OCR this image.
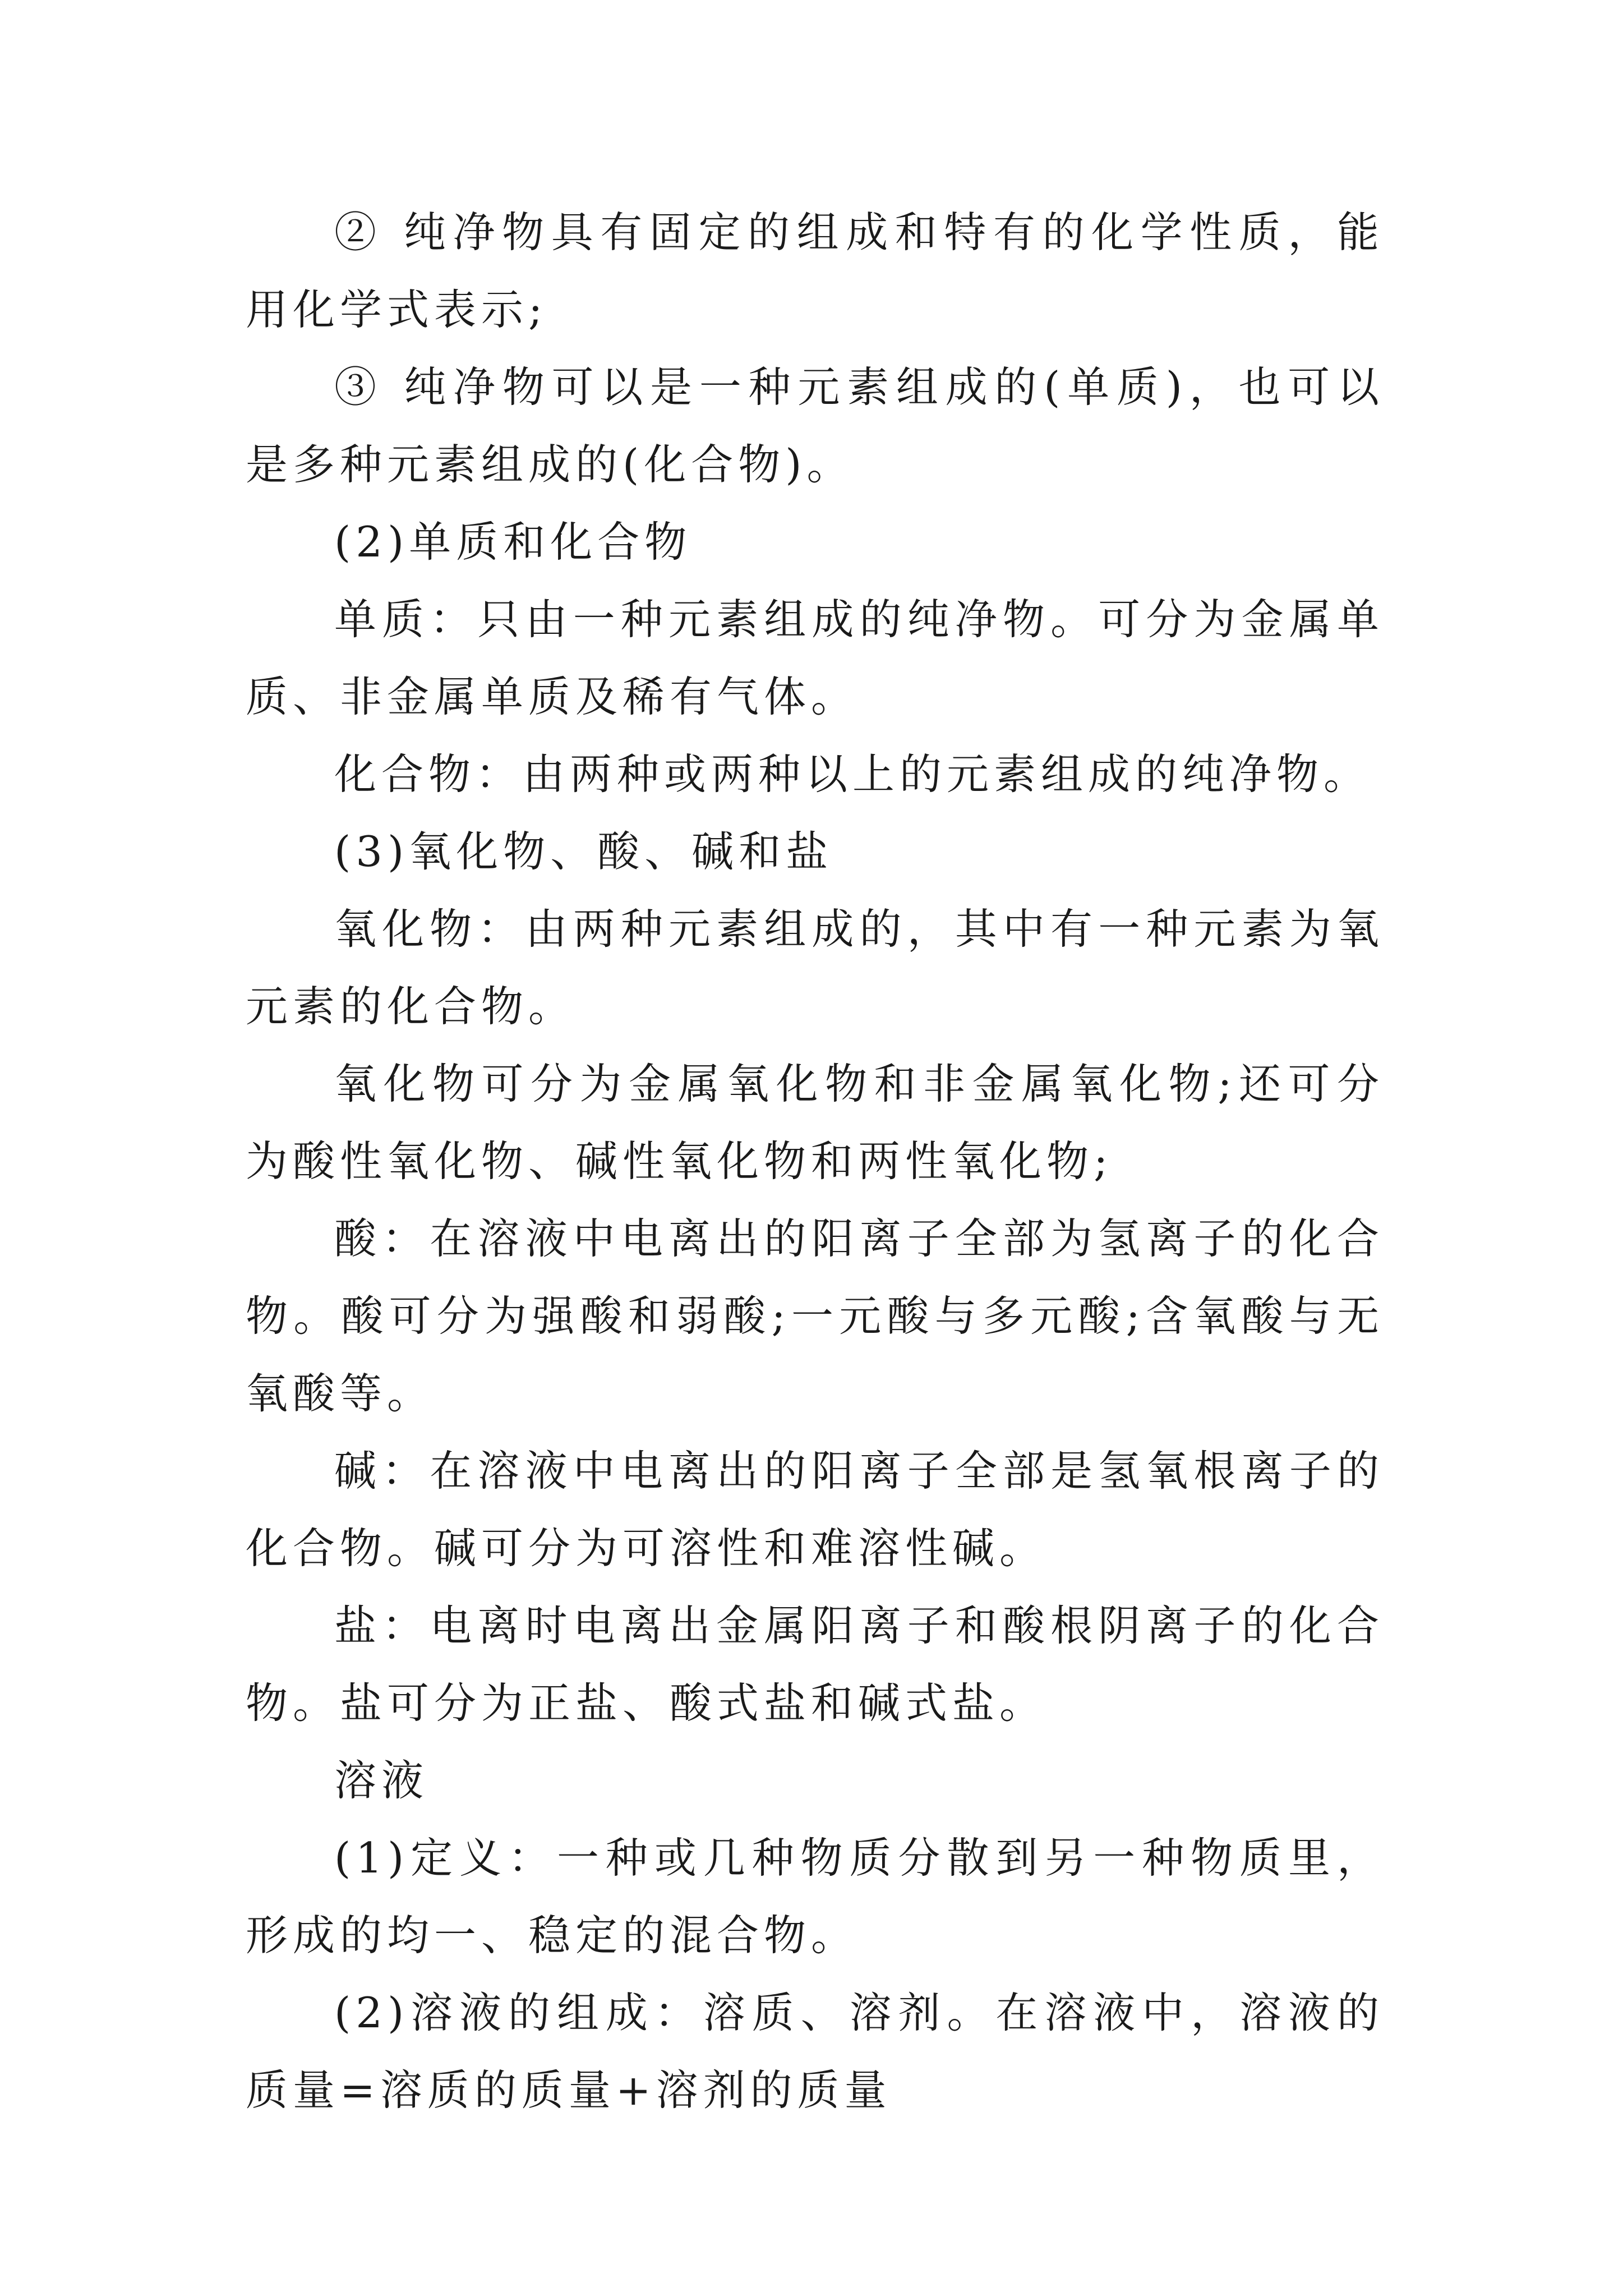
② 纯净物具有固定的组成和特有的化学性质，能用化学式表示;

③ 纯净物可以是一种元素组成的(单质)，也可以是多种元素组成的(化合物)。

(2)单质和化合物

单质：只由一种元素组成的纯净物。可分为金属单质、非金属单质及稀有气体。

化合物：由两种或两种以上的元素组成的纯净物。

(3)氧化物、酸、碱和盐

氧化物：由两种元素组成的，其中有一种元素为氧元素的化合物。

氧化物可分为金属氧化物和非金属氧化物;还可分为酸性氧化物、碱性氧化物和两性氧化物;

酸：在溶液中电离出的阳离子全部为氢离子的化合物。酸可分为强酸和弱酸;一元酸与多元酸;含氧酸与无氧酸等。

碱：在溶液中电离出的阳离子全部是氢氧根离子的化合物。碱可分为可溶性和难溶性碱。

盐：电离时电离出金属阳离子和酸根阴离子的化合物。盐可分为正盐、酸式盐和碱式盐。

溶液

(1)定义：一种或几种物质分散到另一种物质里，形成的均一、稳定的混合物。

(2)溶液的组成：溶质、溶剂。在溶液中，溶液的质量=溶质的质量+溶剂的质量
